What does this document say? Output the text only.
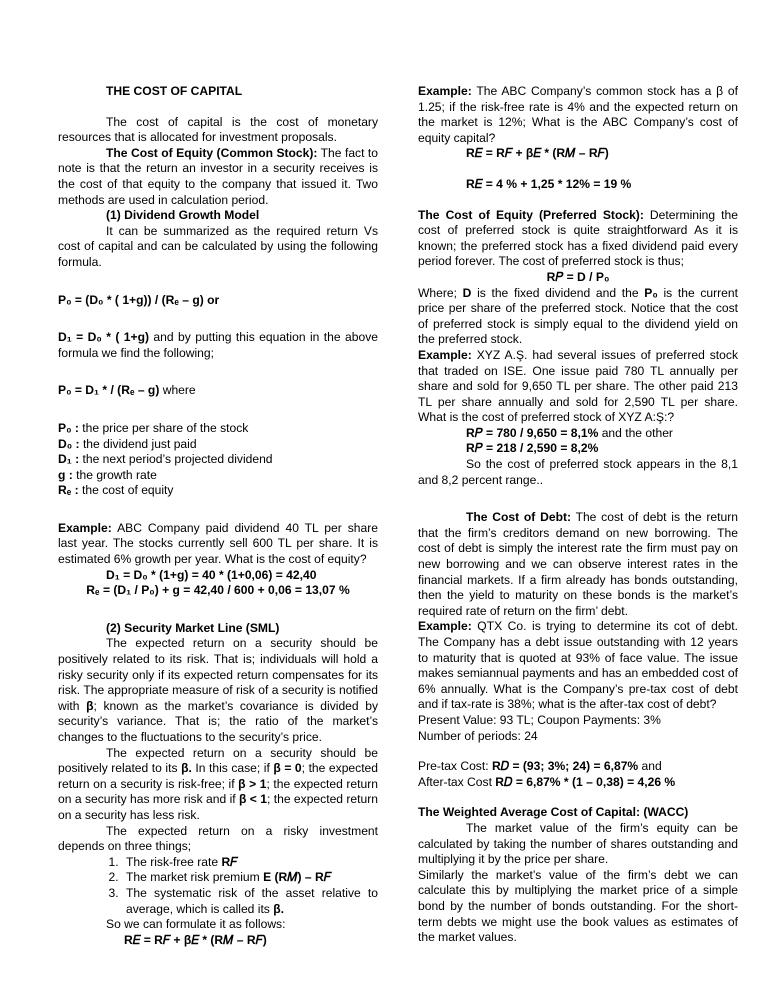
THE COST OF CAPITAL

The cost of capital is the cost of monetary resources that is allocated for investment proposals.

The Cost of Equity (Common Stock): The fact to note is that the return an investor in a security receives is the cost of that equity to the company that issued it. Two methods are used in calculation period.

(1) Dividend Growth Model

It can be summarized as the required return Vs cost of capital and can be calculated by using the following formula.

P₀ = (D₀ * ( 1+g)) / (Rₑ – g) or

D₁ = D₀ * ( 1+g) and by putting this equation in the above formula we find the following;

P₀ = D₁ * / (Rₑ – g) where

P₀ : the price per share of the stock

D₀ : the dividend just paid

D₁ : the next period’s projected dividend

g : the growth rate

Rₑ : the cost of equity

Example: ABC Company paid dividend 40 TL per share last year. The stocks currently sell 600 TL per share. It is estimated 6% growth per year. What is the cost of equity?

D₁ = D₀ * (1+g) = 40 * (1+0,06) = 42,40

Rₑ = (D₁ / P₀) + g = 42,40 / 600 + 0,06 = 13,07 %

(2) Security Market Line (SML)

The expected return on a security should be positively related to its risk. That is; individuals will hold a risky security only if its expected return compensates for its risk. The appropriate measure of risk of a security is notified with β; known as the market’s covariance is divided by security’s variance. That is; the ratio of the market’s changes to the fluctuations to the security’s price.

The expected return on a security should be positively related to its β. In this case; if β = 0; the expected return on a security is risk-free; if β > 1; the expected return on a security has more risk and if β < 1; the expected return on a security has less risk.

The expected return on a risky investment depends on three things;

1. The risk-free rate R𝐹
2. The market risk premium E (R𝑀) – R𝐹
3. The systematic risk of the asset relative to average, which is called its β.

So we can formulate it as follows:

R𝐸 = R𝐹 + β𝐸 * (R𝑀 – R𝐹)

Example: The ABC Company’s common stock has a β of 1.25; if the risk-free rate is 4% and the expected return on the market is 12%; What is the ABC Company’s cost of equity capital?

R𝐸 = R𝐹 + β𝐸 * (R𝑀 – R𝐹)

R𝐸 = 4 % + 1,25 * 12% = 19 %

The Cost of Equity (Preferred Stock): Determining the cost of preferred stock is quite straightforward As it is known; the preferred stock has a fixed dividend paid every period forever. The cost of preferred stock is thus;

R𝑃 = D / P₀

Where; D is the fixed dividend and the P₀ is the current price per share of the preferred stock. Notice that the cost of preferred stock is simply equal to the dividend yield on the preferred stock.

Example: XYZ A.Ş. had several issues of preferred stock that traded on ISE. One issue paid 780 TL annually per share and sold for 9,650 TL per share. The other paid 213 TL per share annually and sold for 2,590 TL per share. What is the cost of preferred stock of XYZ A:Ş:?

R𝑃 = 780 / 9,650 = 8,1% and the other

R𝑃 = 218 / 2,590 = 8,2%

So the cost of preferred stock appears in the 8,1 and 8,2 percent range..

The Cost of Debt: The cost of debt is the return that the firm’s creditors demand on new borrowing. The cost of debt is simply the interest rate the firm must pay on new borrowing and we can observe interest rates in the financial markets. If a firm already has bonds outstanding, then the yield to maturity on these bonds is the market’s required rate of return on the firm’ debt.

Example: QTX Co. is trying to determine its cot of debt. The Company has a debt issue outstanding with 12 years to maturity that is quoted at 93% of face value. The issue makes semiannual payments and has an embedded cost of 6% annually. What is the Company’s pre-tax cost of debt and if tax-rate is 38%; what is the after-tax cost of debt?

Present Value: 93 TL; Coupon Payments: 3%

Number of periods: 24

Pre-tax Cost: R𝐷 = (93; 3%; 24) = 6,87% and

After-tax Cost R𝐷 = 6,87% * (1 – 0,38) = 4,26 %

The Weighted Average Cost of Capital: (WACC)

The market value of the firm’s equity can be calculated by taking the number of shares outstanding and multiplying it by the price per share.

Similarly the market’s value of the firm’s debt we can calculate this by multiplying the market price of a simple bond by the number of bonds outstanding. For the short-term debts we might use the book values as estimates of the market values.
